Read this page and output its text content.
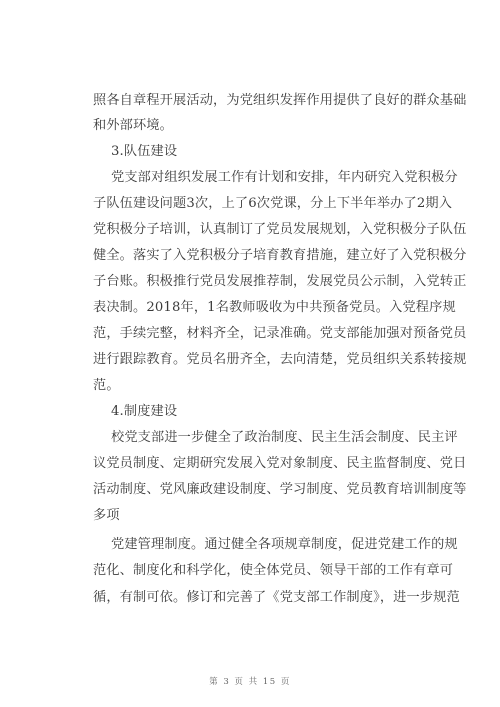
照各自章程开展活动，为党组织发挥作用提供了良好的群众基础
和外部环境。
3.队伍建设
党支部对组织发展工作有计划和安排，年内研究入党积极分
子队伍建设问题3次，上了6次党课，分上下半年举办了2期入
党积极分子培训，认真制订了党员发展规划，入党积极分子队伍
健全。落实了入党积极分子培育教育措施，建立好了入党积极分
子台账。积极推行党员发展推荐制，发展党员公示制，入党转正
表决制。2018年，1名教师吸收为中共预备党员。入党程序规
范，手续完整，材料齐全，记录准确。党支部能加强对预备党员
进行跟踪教育。党员名册齐全，去向清楚，党员组织关系转接规
范。
4.制度建设
校党支部进一步健全了政治制度、民主生活会制度、民主评
议党员制度、定期研究发展入党对象制度、民主监督制度、党日
活动制度、党风廉政建设制度、学习制度、党员教育培训制度等
多项
党建管理制度。通过健全各项规章制度，促进党建工作的规
范化、制度化和科学化，使全体党员、领导干部的工作有章可
循，有制可依。修订和完善了《党支部工作制度》，进一步规范
第 3 页 共 15 页
